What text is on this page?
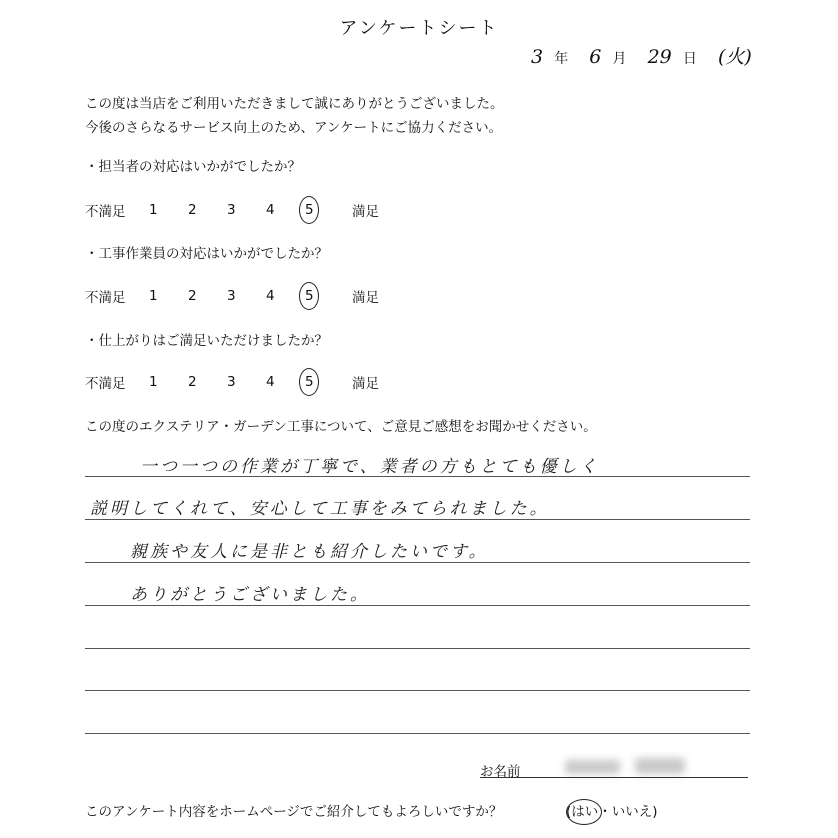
アンケートシート
3 年 6 月 29 日 (火)
この度は当店をご利用いただきまして誠にありがとうございました。
今後のさらなるサービス向上のため、アンケートにご協力ください。
・担当者の対応はいかがでしたか？
不満足	1	2	3	4	5	満足
・工事作業員の対応はいかがでしたか？
不満足	1	2	3	4	5	満足
・仕上がりはご満足いただけましたか？
不満足	1	2	3	4	5	満足
この度のエクステリア・ガーデン工事について、ご意見ご感想をお聞かせください。
一つ一つの作業が丁寧で、業者の方もとても優しく
説明してくれて、安心して工事をみてられました。
親族や友人に是非とも紹介したいです。
ありがとうございました。
お名前
このアンケート内容をホームページでご紹介してもよろしいですか？	(はい・いいえ)
